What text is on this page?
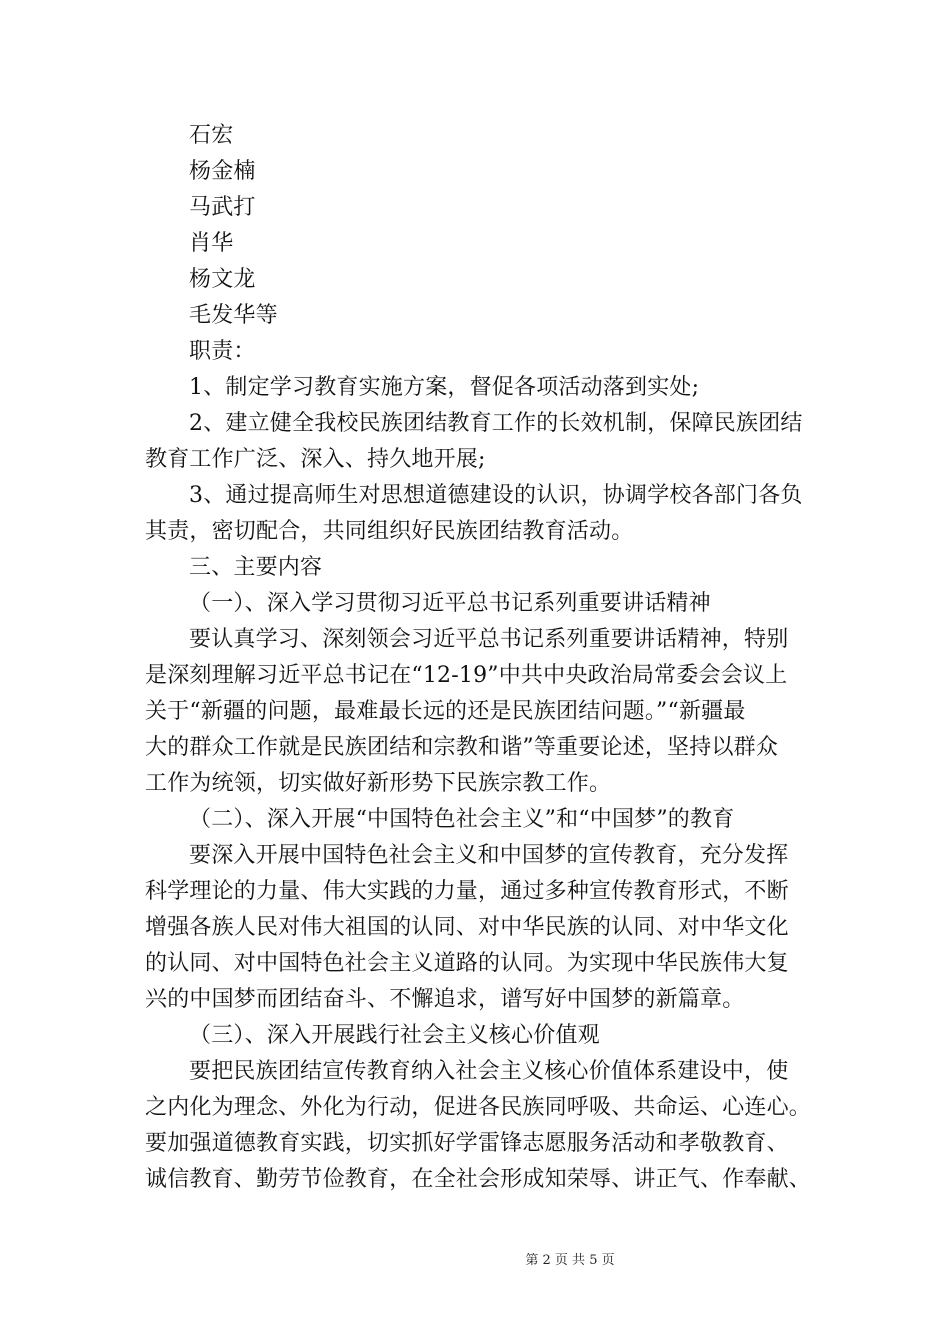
石宏
杨金楠
马武打
肖华
杨文龙
毛发华等
职责：
1、制定学习教育实施方案，督促各项活动落到实处;
2、建立健全我校民族团结教育工作的长效机制，保障民族团结
教育工作广泛、深入、持久地开展;
3、通过提高师生对思想道德建设的认识，协调学校各部门各负
其责，密切配合，共同组织好民族团结教育活动。
三、主要内容
（一）、深入学习贯彻习近平总书记系列重要讲话精神
要认真学习、深刻领会习近平总书记系列重要讲话精神，特别
是深刻理解习近平总书记在“12-19”中共中央政治局常委会会议上
关于“新疆的问题，最难最长远的还是民族团结问题。”“新疆最
大的群众工作就是民族团结和宗教和谐”等重要论述，坚持以群众
工作为统领，切实做好新形势下民族宗教工作。
（二）、深入开展“中国特色社会主义”和“中国梦”的教育
要深入开展中国特色社会主义和中国梦的宣传教育，充分发挥
科学理论的力量、伟大实践的力量，通过多种宣传教育形式，不断
增强各族人民对伟大祖国的认同、对中华民族的认同、对中华文化
的认同、对中国特色社会主义道路的认同。为实现中华民族伟大复
兴的中国梦而团结奋斗、不懈追求，谱写好中国梦的新篇章。
（三）、深入开展践行社会主义核心价值观
要把民族团结宣传教育纳入社会主义核心价值体系建设中，使
之内化为理念、外化为行动，促进各民族同呼吸、共命运、心连心。
要加强道德教育实践，切实抓好学雷锋志愿服务活动和孝敬教育、
诚信教育、勤劳节俭教育，在全社会形成知荣辱、讲正气、作奉献、
第 2 页 共 5 页
